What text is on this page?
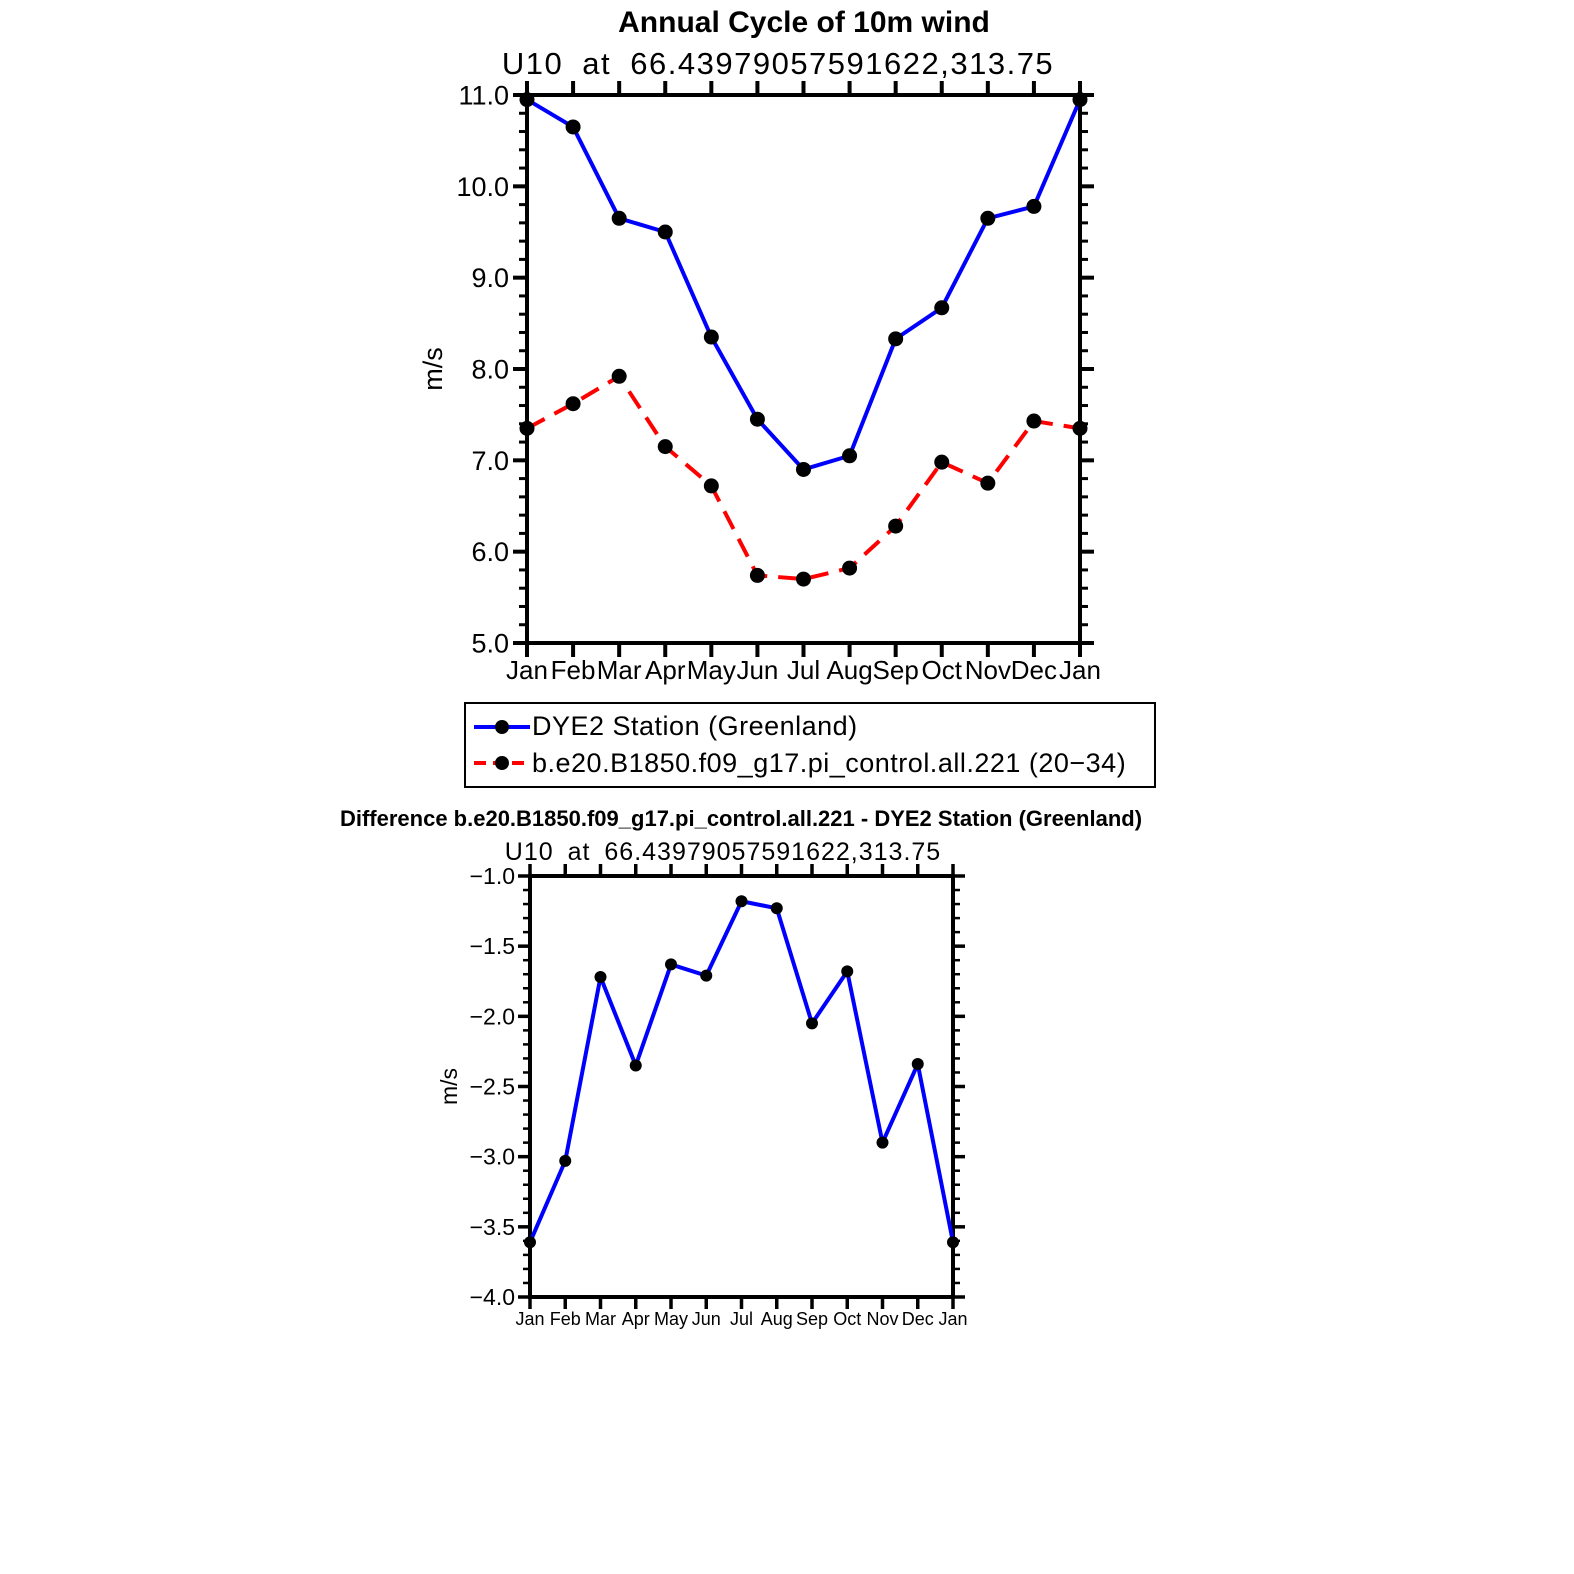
Annual Cycle of 10m wind
U10 at 66.43979057591622,313.75
5.0
6.0
7.0
8.0
9.0
10.0
11.0
Jan Feb Mar Apr May Jun Jul Aug Sep Oct Nov Dec Jan
m/s
−4.0
−3.5
−3.0
−2.5
−2.0
−1.5
−1.0
Jan Feb Mar Apr May Jun Jul Aug Sep Oct Nov Dec Jan
m/s
DYE2 Station (Greenland)
b.e20.B1850.f09_g17.pi_control.all.221 (20−34)
Difference b.e20.B1850.f09_g17.pi_control.all.221 - DYE2 Station (Greenland)
U10 at 66.43979057591622,313.75
